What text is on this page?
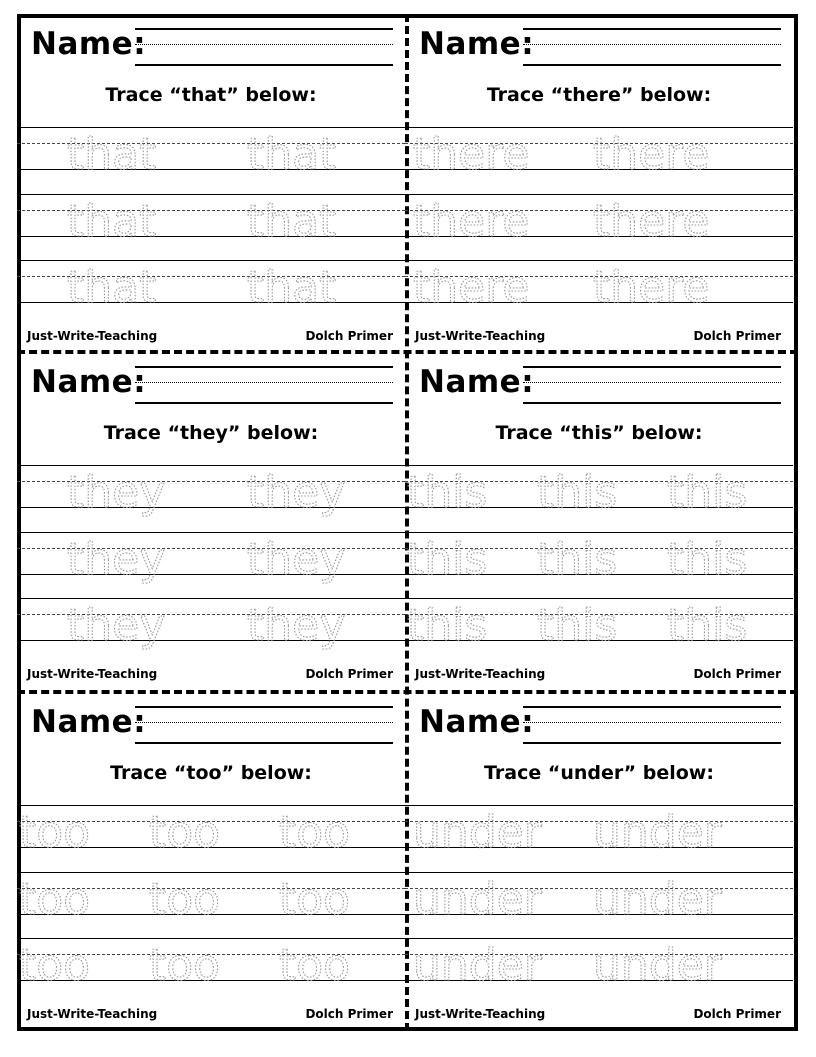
Name:
Trace “that” below:
Just-Write-Teaching	Dolch Primer
that that
that that
that that
Name:
Trace “there” below:
Just-Write-Teaching	Dolch Primer
there there
there there
there there
Name:
Trace “they” below:
Just-Write-Teaching	Dolch Primer
they they
they they
they they
Name:
Trace “this” below:
Just-Write-Teaching	Dolch Primer
this this this
this this this
this this this
Name:
Trace “too” below:
Just-Write-Teaching	Dolch Primer
too too too
too too too
too too too
Name:
Trace “under” below:
Just-Write-Teaching	Dolch Primer
under under
under under
under under
